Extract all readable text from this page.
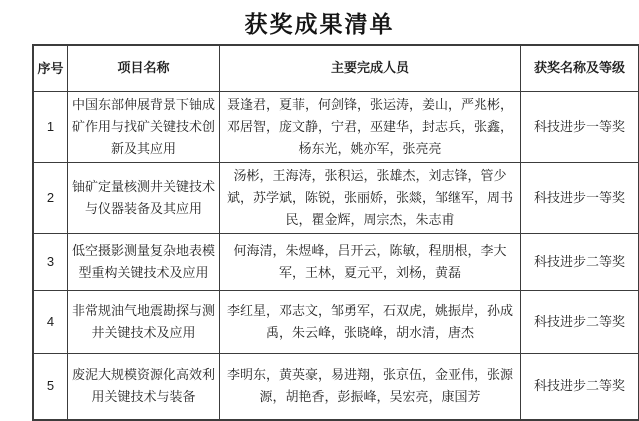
获奖成果清单
序号	项目名称	主要完成人员	获奖名称及等级
1	中国东部伸展背景下铀成矿作用与找矿关键技术创新及其应用	聂逢君，夏菲，何剑锋，张运涛，姜山，严兆彬，邓居智，庞文静，宁君，巫建华，封志兵，张鑫，杨东光，姚亦军，张亮亮	科技进步一等奖
2	铀矿定量核测井关键技术与仪器装备及其应用	汤彬，王海涛，张积运，张雄杰，刘志锋，管少斌，苏学斌，陈锐，张丽娇，张燚，邹继军，周书民，瞿金辉，周宗杰，朱志甫	科技进步一等奖
3	低空摄影测量复杂地表模型重构关键技术及应用	何海清，朱煜峰，吕开云，陈敏，程朋根，李大军，王林，夏元平，刘杨，黄磊	科技进步二等奖
4	非常规油气地震勘探与测井关键技术及应用	李红星，邓志文，邹勇军，石双虎，姚振岸，孙成禹，朱云峰，张晓峰，胡水清，唐杰	科技进步二等奖
5	废泥大规模资源化高效利用关键技术与装备	李明东，黄英豪，易进翔，张京伍，金亚伟，张源源，胡艳香，彭振峰，吴宏亮，康国芳	科技进步二等奖
